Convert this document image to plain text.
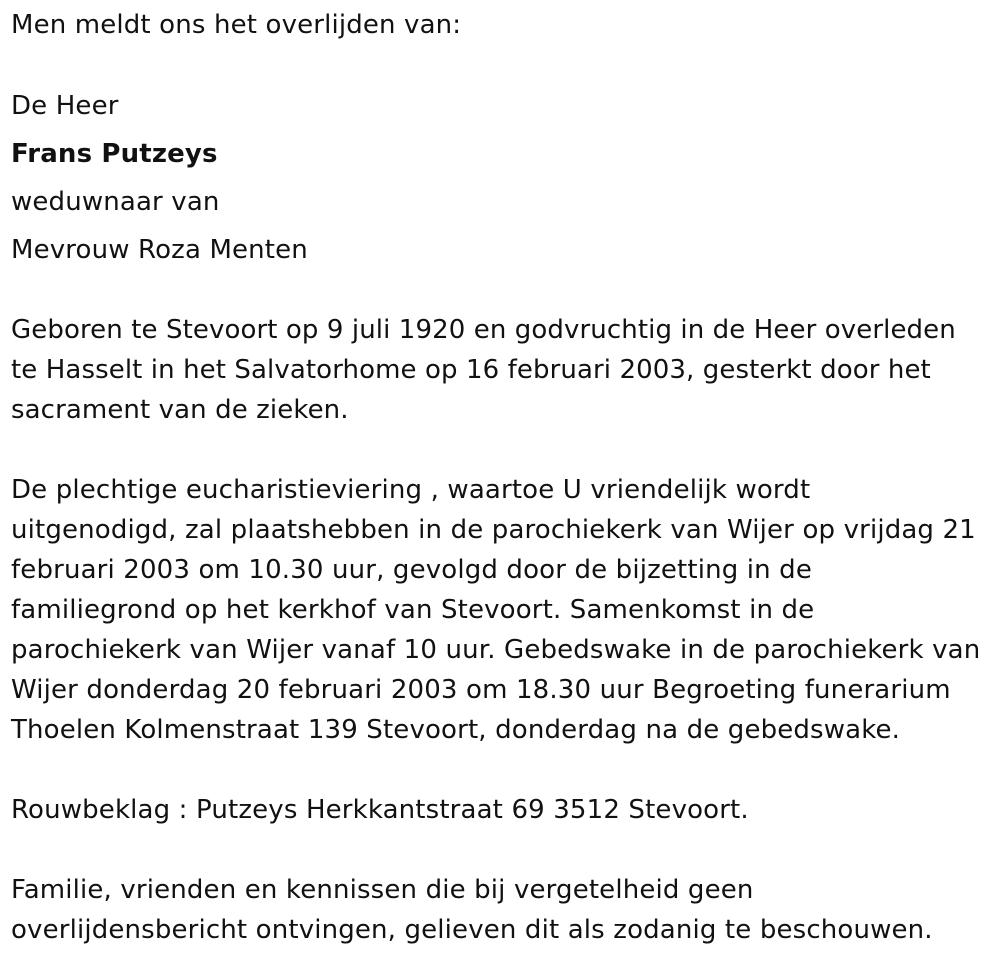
Men meldt ons het overlijden van:
De Heer
Frans Putzeys
weduwnaar van
Mevrouw Roza Menten
Geboren te Stevoort op 9 juli 1920 en godvruchtig in de Heer overleden te Hasselt in het Salvatorhome op 16 februari 2003, gesterkt door het sacrament van de zieken.
De plechtige eucharistieviering , waartoe U vriendelijk wordt
uitgenodigd, zal plaatshebben in de parochiekerk van Wijer op vrijdag 21
februari 2003 om 10.30 uur, gevolgd door de bijzetting in de
familiegrond op het kerkhof van Stevoort. Samenkomst in de
parochiekerk van Wijer vanaf 10 uur. Gebedswake in de parochiekerk van
Wijer donderdag 20 februari 2003 om 18.30 uur Begroeting funerarium
Thoelen Kolmenstraat 139 Stevoort, donderdag na de gebedswake.
Rouwbeklag : Putzeys Herkkantstraat 69 3512 Stevoort.
Familie, vrienden en kennissen die bij vergetelheid geen
overlijdensbericht ontvingen, gelieven dit als zodanig te beschouwen.
